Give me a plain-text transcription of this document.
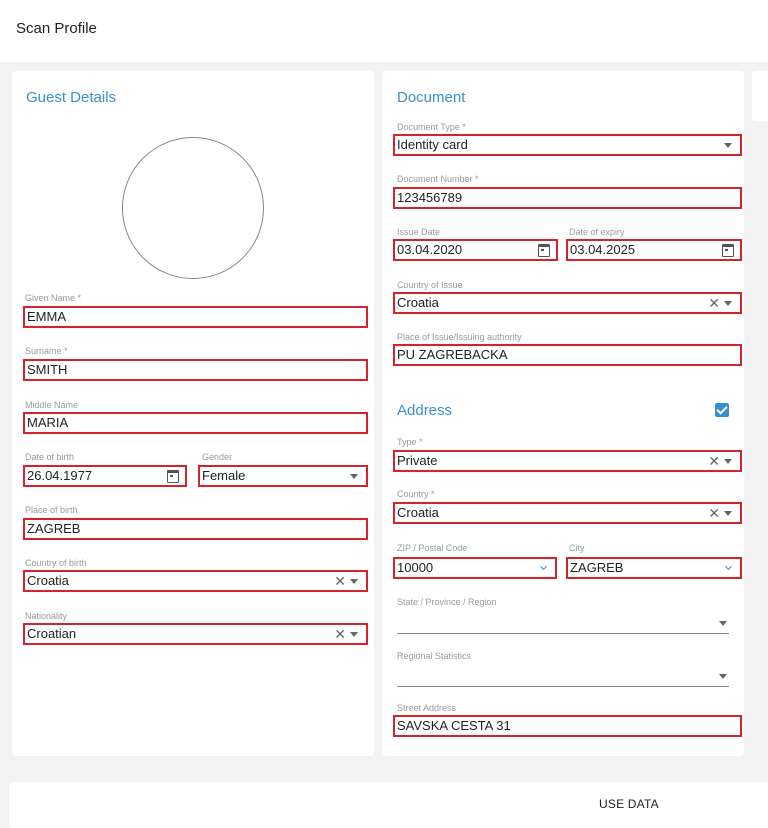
Scan Profile
Guest Details
Given Name *
EMMA
Surname *
SMITH
Middle Name
MARIA
Date of birth
26.04.1977
Gender
Female
Place of birth
ZAGREB
Country of birth
Croatia	✕
Nationality
Croatian	✕
Document
Document Type *
Identity card
Document Number *
123456789
Issue Date
03.04.2020
Date of expiry
03.04.2025
Country of Issue
Croatia	✕
Place of Issue/Issuing authority
PU ZAGREBACKA
Address
Type *
Private	✕
Country *
Croatia	✕
ZIP / Postal Code
10000
City
ZAGREB
State / Province / Region
Regional Statistics
Street Address
SAVSKA CESTA 31
USE DATA
